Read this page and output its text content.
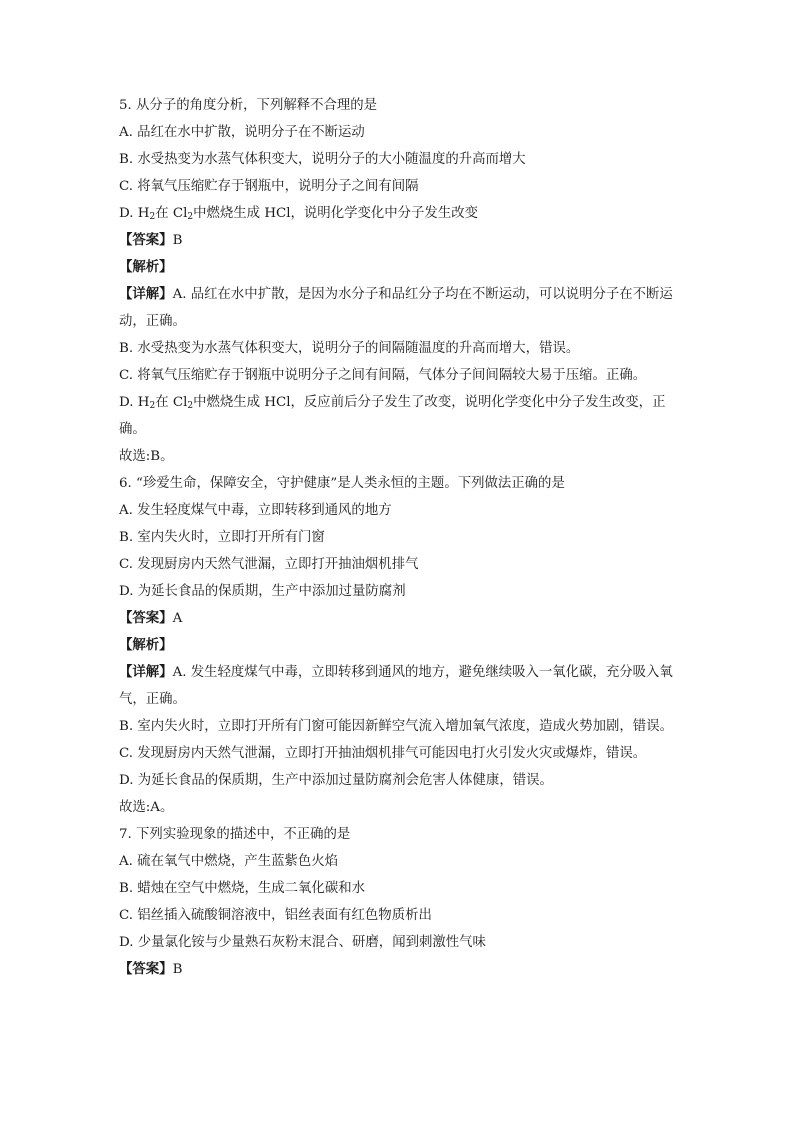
5. 从分子的角度分析，下列解释不合理的是

A. 品红在水中扩散，说明分子在不断运动

B. 水受热变为水蒸气体积变大，说明分子的大小随温度的升高而增大

C. 将氧气压缩贮存于钢瓶中，说明分子之间有间隔

D. $H_2$在 $Cl_2$中燃烧生成 HCl，说明化学变化中分子发生改变

【答案】B

【解析】

【详解】A. 品红在水中扩散，是因为水分子和品红分子均在不断运动，可以说明分子在不断运动，正确。

B. 水受热变为水蒸气体积变大，说明分子的间隔随温度的升高而增大，错误。

C. 将氧气压缩贮存于钢瓶中说明分子之间有间隔，气体分子间间隔较大易于压缩。正确。

D. $H_2$在 $Cl_2$中燃烧生成 HCl，反应前后分子发生了改变，说明化学变化中分子发生改变，正确。

故选:B。

6. “珍爱生命，保障安全，守护健康”是人类永恒的主题。下列做法正确的是

A. 发生轻度煤气中毒，立即转移到通风的地方

B. 室内失火时，立即打开所有门窗

C. 发现厨房内天然气泄漏，立即打开抽油烟机排气

D. 为延长食品的保质期，生产中添加过量防腐剂

【答案】A

【解析】

【详解】A. 发生轻度煤气中毒，立即转移到通风的地方，避免继续吸入一氧化碳，充分吸入氧气，正确。

B. 室内失火时，立即打开所有门窗可能因新鲜空气流入增加氧气浓度，造成火势加剧，错误。

C. 发现厨房内天然气泄漏，立即打开抽油烟机排气可能因电打火引发火灾或爆炸，错误。

D. 为延长食品的保质期，生产中添加过量防腐剂会危害人体健康，错误。

故选:A。

7. 下列实验现象的描述中，不正确的是

A. 硫在氧气中燃烧，产生蓝紫色火焰

B. 蜡烛在空气中燃烧，生成二氧化碳和水

C. 铝丝插入硫酸铜溶液中，铝丝表面有红色物质析出

D. 少量氯化铵与少量熟石灰粉末混合、研磨，闻到刺激性气味

【答案】B
